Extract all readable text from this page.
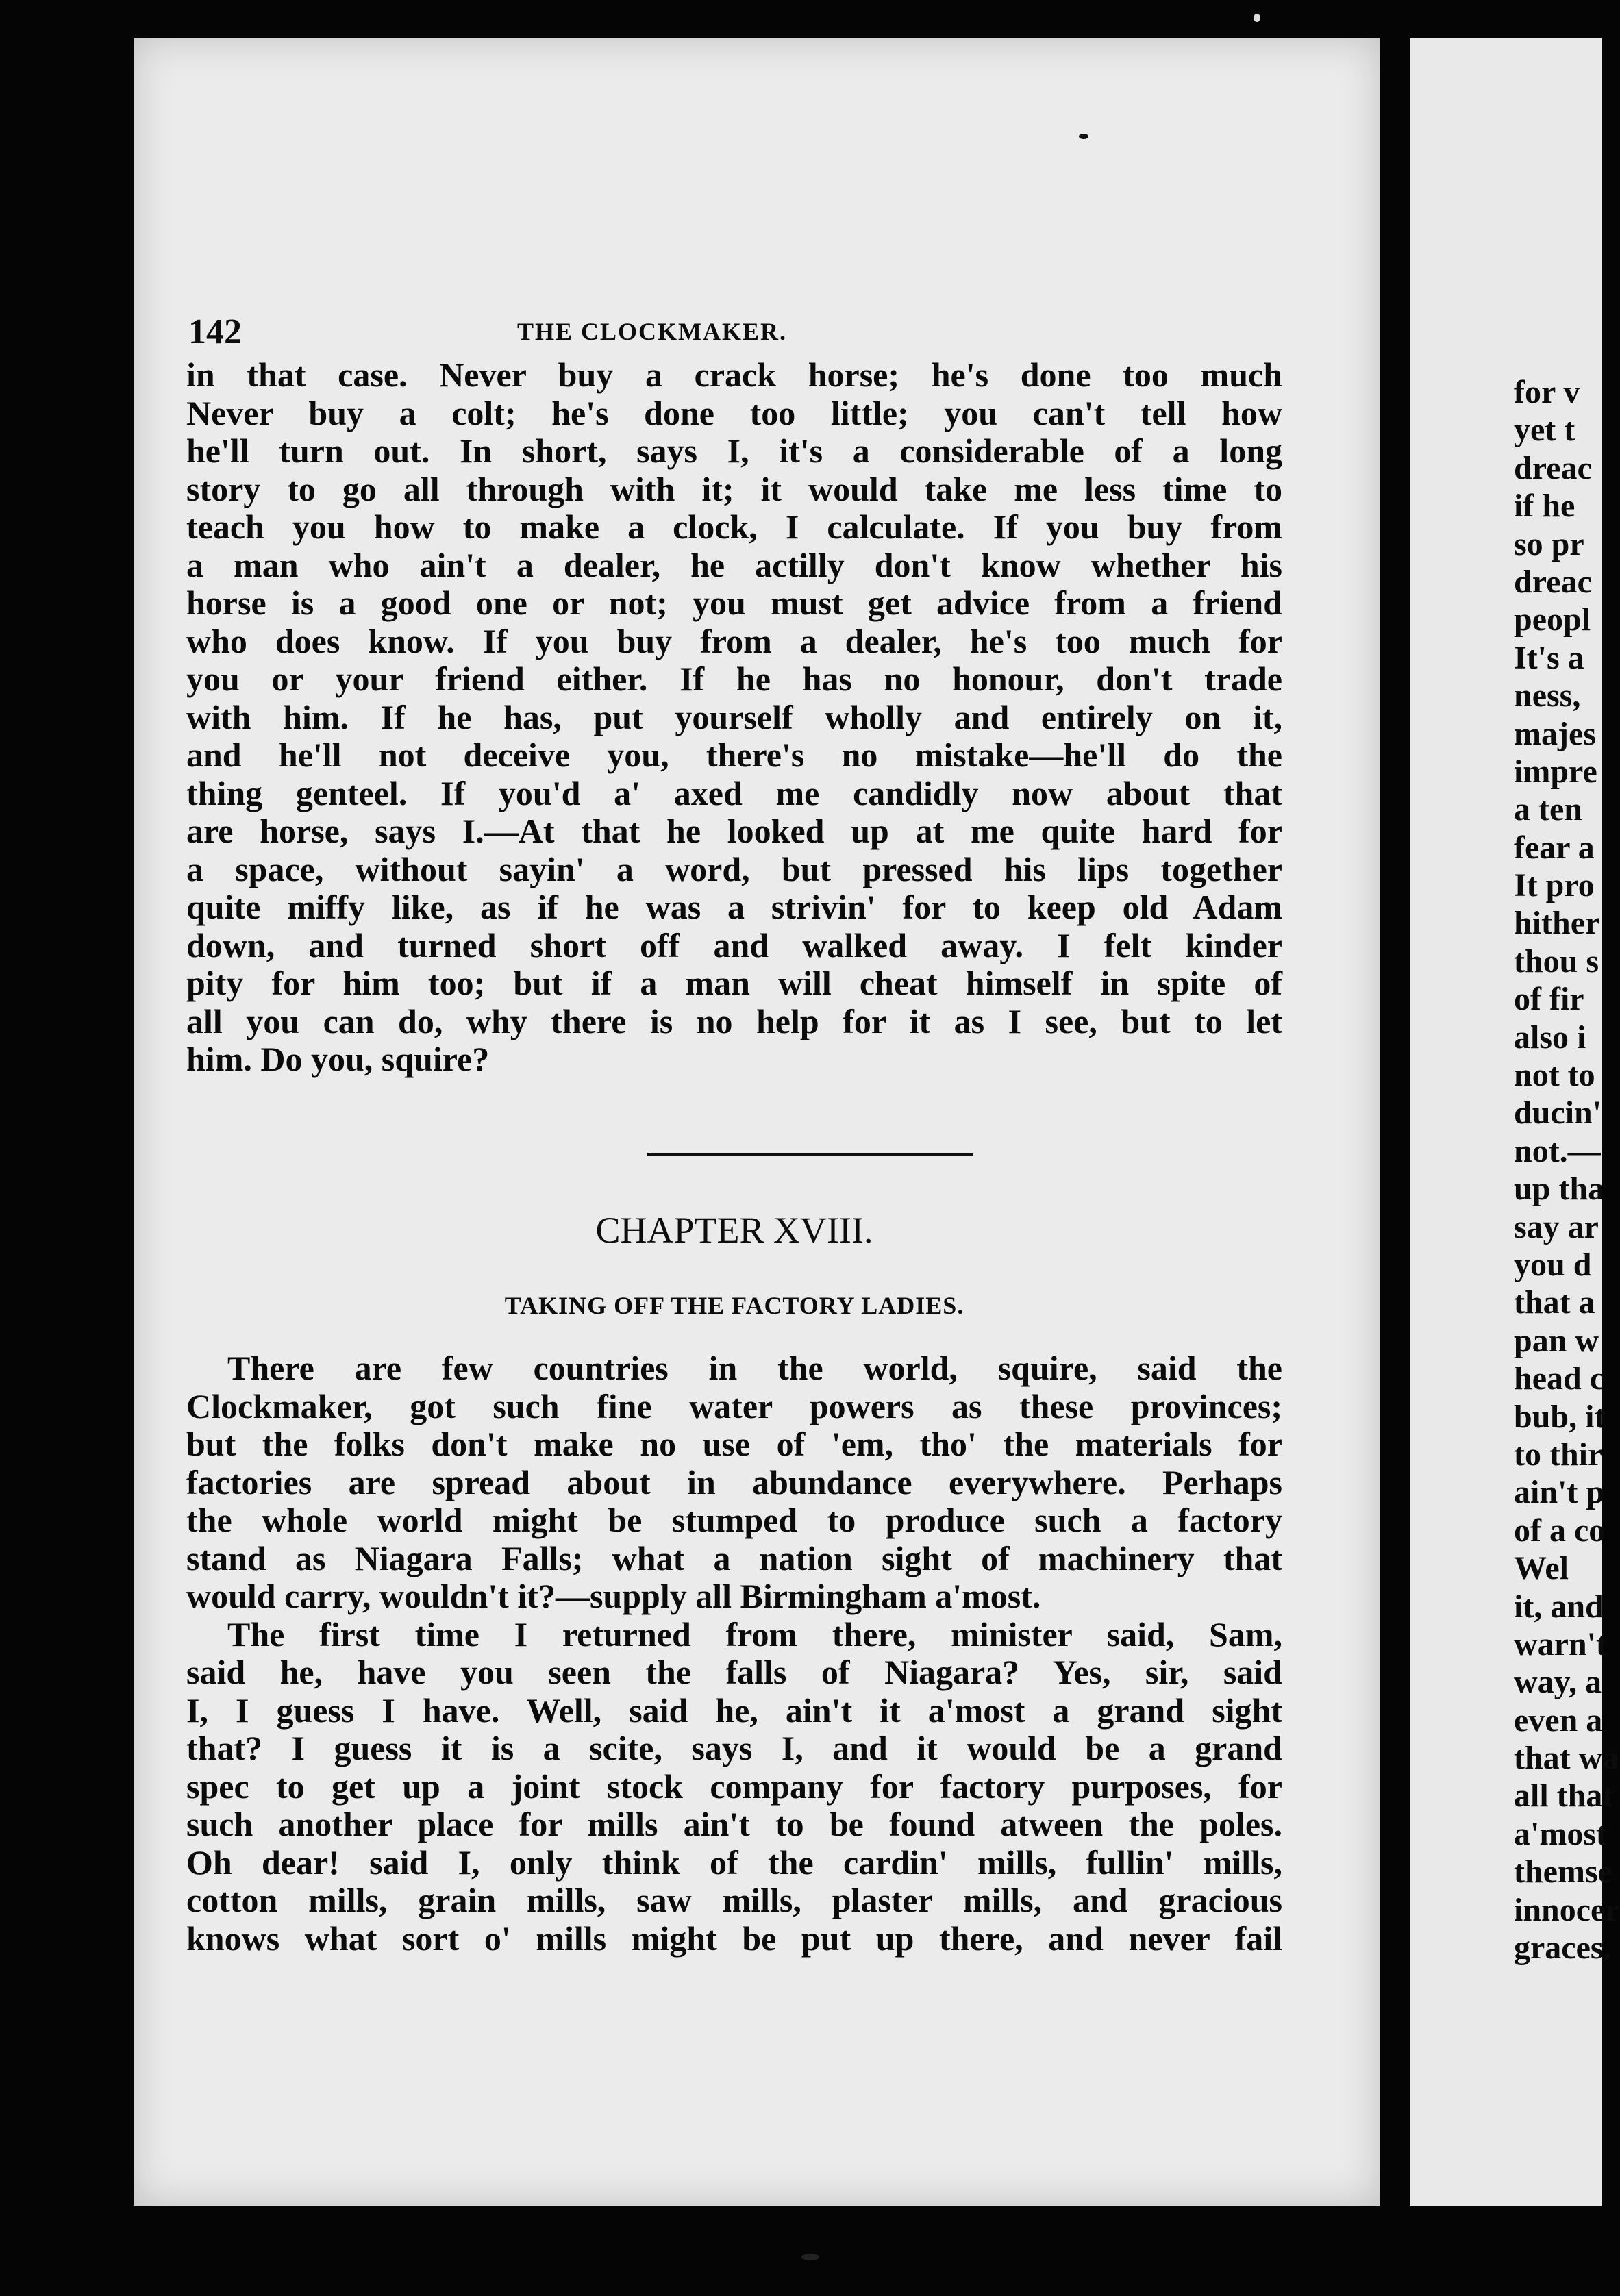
142	THE CLOCKMAKER.
in that case. Never buy a crack horse; he's done too much
Never buy a colt; he's done too little; you can't tell how
he'll turn out. In short, says I, it's a considerable of a long
story to go all through with it; it would take me less time to
teach you how to make a clock, I calculate. If you buy from
a man who ain't a dealer, he actilly don't know whether his
horse is a good one or not; you must get advice from a friend
who does know. If you buy from a dealer, he's too much for
you or your friend either. If he has no honour, don't trade
with him. If he has, put yourself wholly and entirely on it,
and he'll not deceive you, there's no mistake—he'll do the
thing genteel. If you'd a' axed me candidly now about that
are horse, says I.—At that he looked up at me quite hard for
a space, without sayin' a word, but pressed his lips together
quite miffy like, as if he was a strivin' for to keep old Adam
down, and turned short off and walked away. I felt kinder
pity for him too; but if a man will cheat himself in spite of
all you can do, why there is no help for it as I see, but to let
him. Do you, squire?
CHAPTER XVIII.
TAKING OFF THE FACTORY LADIES.
There are few countries in the world, squire, said the
Clockmaker, got such fine water powers as these provinces;
but the folks don't make no use of 'em, tho' the materials for
factories are spread about in abundance everywhere. Perhaps
the whole world might be stumped to produce such a factory
stand as Niagara Falls; what a nation sight of machinery that
would carry, wouldn't it?—supply all Birmingham a'most.
The first time I returned from there, minister said, Sam,
said he, have you seen the falls of Niagara? Yes, sir, said
I, I guess I have. Well, said he, ain't it a'most a grand sight
that? I guess it is a scite, says I, and it would be a grand
spec to get up a joint stock company for factory purposes, for
such another place for mills ain't to be found atween the poles.
Oh dear! said I, only think of the cardin' mills, fullin' mills,
cotton mills, grain mills, saw mills, plaster mills, and gracious
knows what sort o' mills might be put up there, and never fail
for v
yet t
dreac
if he
so pr
dreac
peopl
It's a
ness,
majes
impre
a ten
fear a
It pro
hither
thou s
of fir
also i
not to
ducin'
not.—
up tha
say ar
you d
that a
pan w
head c
bub, it
to thir
ain't p
of a co
Wel
it, and
warn't
way, a
even a
that wa
all that
a'most
themse
innocer
graces.
